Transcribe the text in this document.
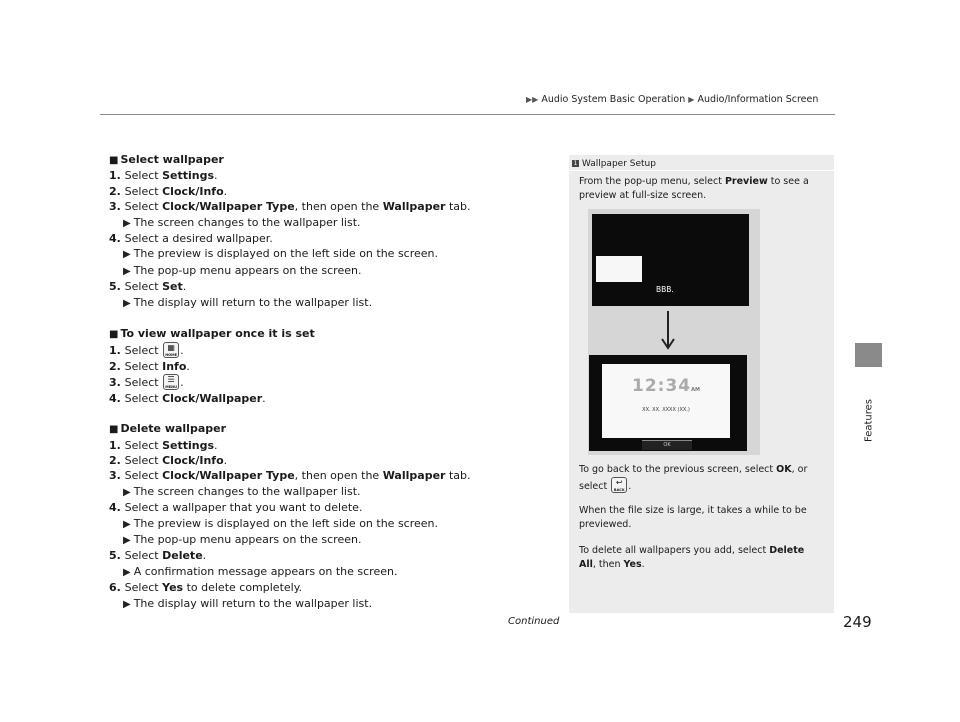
▶▶ Audio System Basic Operation ▶ Audio/Information Screen
Features
■ Select wallpaper
1. Select Settings.
2. Select Clock/Info.
3. Select Clock/Wallpaper Type, then open the Wallpaper tab.
▶ The screen changes to the wallpaper list.
4. Select a desired wallpaper.
▶ The preview is displayed on the left side on the screen.
▶ The pop-up menu appears on the screen.
5. Select Set.
▶ The display will return to the wallpaper list.
■ To view wallpaper once it is set
1. Select ▦
HOME .
2. Select Info.
3. Select ☰
MENU .
4. Select Clock/Wallpaper.
■ Delete wallpaper
1. Select Settings.
2. Select Clock/Info.
3. Select Clock/Wallpaper Type, then open the Wallpaper tab.
▶ The screen changes to the wallpaper list.
4. Select a wallpaper that you want to delete.
▶ The preview is displayed on the left side on the screen.
▶ The pop-up menu appears on the screen.
5. Select Delete.
▶ A confirmation message appears on the screen.
6. Select Yes to delete completely.
▶ The display will return to the wallpaper list.
1 Wallpaper Setup
From the pop-up menu, select Preview to see a preview at full-size screen.
BBB.
12:34AM
XX. XX. XXXX (XX.)
OK
To go back to the previous screen, select OK, or select ↩
BACK .
When the file size is large, it takes a while to be previewed.
To delete all wallpapers you add, select Delete All, then Yes.
Continued	249
